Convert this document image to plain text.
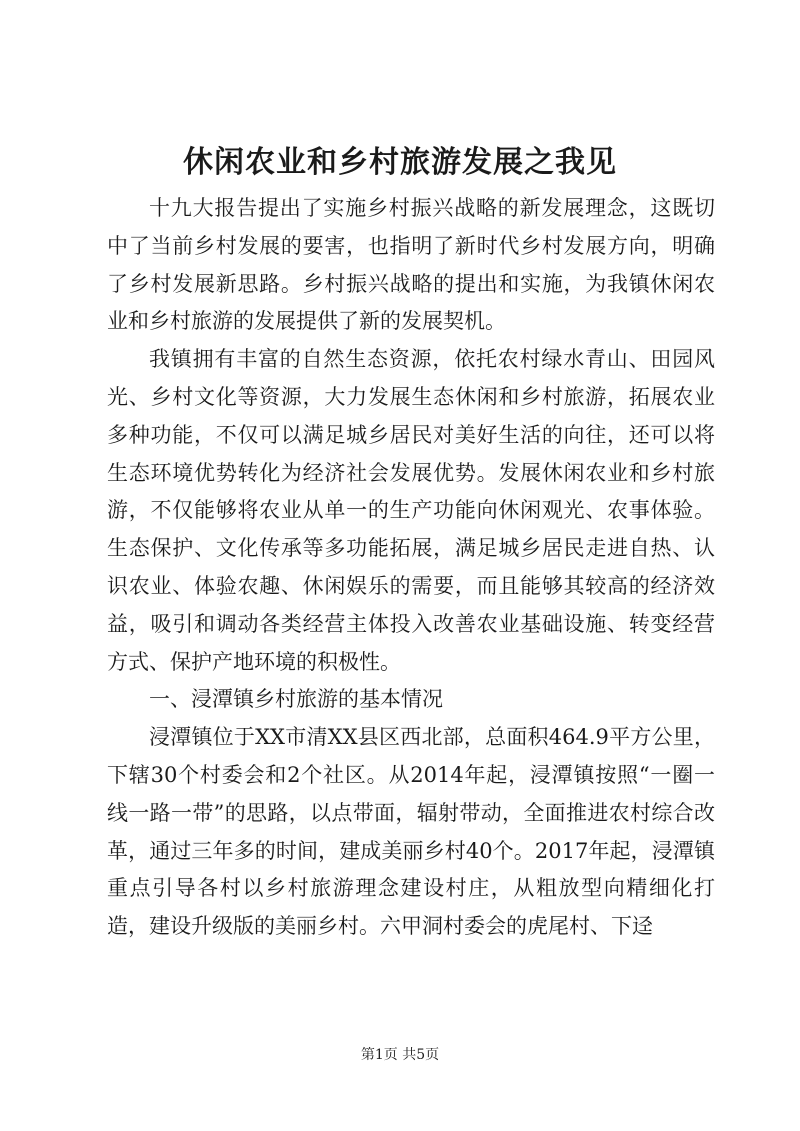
休闲农业和乡村旅游发展之我见

十九大报告提出了实施乡村振兴战略的新发展理念，这既切中了当前乡村发展的要害，也指明了新时代乡村发展方向，明确了乡村发展新思路。乡村振兴战略的提出和实施，为我镇休闲农业和乡村旅游的发展提供了新的发展契机。

我镇拥有丰富的自然生态资源，依托农村绿水青山、田园风光、乡村文化等资源，大力发展生态休闲和乡村旅游，拓展农业多种功能，不仅可以满足城乡居民对美好生活的向往，还可以将生态环境优势转化为经济社会发展优势。发展休闲农业和乡村旅游，不仅能够将农业从单一的生产功能向休闲观光、农事体验。生态保护、文化传承等多功能拓展，满足城乡居民走进自热、认识农业、体验农趣、休闲娱乐的需要，而且能够其较高的经济效益，吸引和调动各类经营主体投入改善农业基础设施、转变经营方式、保护产地环境的积极性。

一、浸潭镇乡村旅游的基本情况

浸潭镇位于XX市清XX县区西北部，总面积464.9平方公里，下辖30个村委会和2个社区。从2014年起，浸潭镇按照“一圈一线一路一带”的思路，以点带面，辐射带动，全面推进农村综合改革，通过三年多的时间，建成美丽乡村40个。2017年起，浸潭镇重点引导各村以乡村旅游理念建设村庄，从粗放型向精细化打造，建设升级版的美丽乡村。六甲洞村委会的虎尾村、下迳

第1页 共5页
